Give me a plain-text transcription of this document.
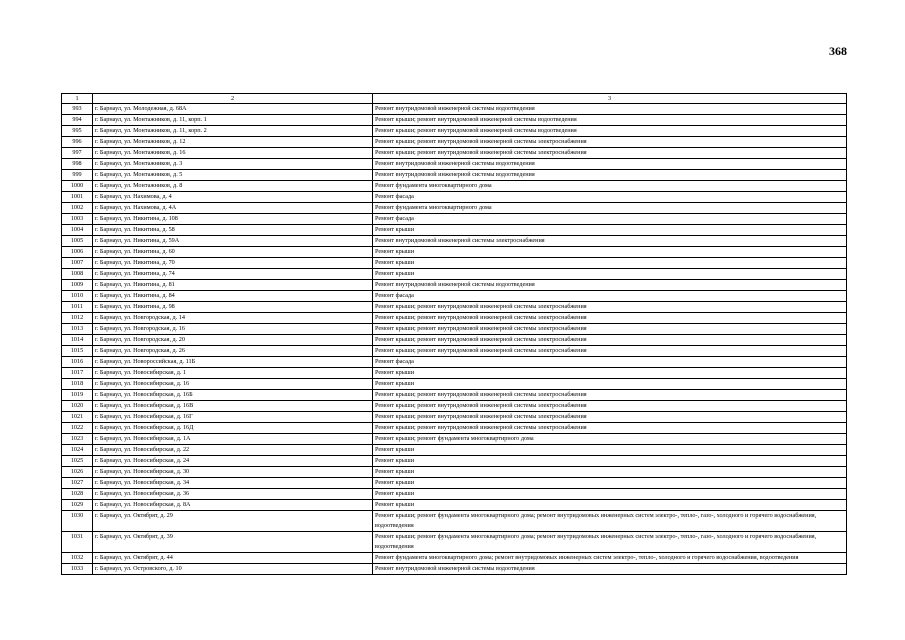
368
1	2	3
993	г. Барнаул, ул. Молодежная, д. 68А	Ремонт внутридомовой инженерной системы водоотведения
994	г. Барнаул, ул. Монтажников, д. 11, корп. 1	Ремонт крыши; ремонт внутридомовой инженерной системы водоотведения
995	г. Барнаул, ул. Монтажников, д. 11, корп. 2	Ремонт крыши; ремонт внутридомовой инженерной системы водоотведения
996	г. Барнаул, ул. Монтажников, д. 12	Ремонт крыши; ремонт внутридомовой инженерной системы электроснабжения
997	г. Барнаул, ул. Монтажников, д. 16	Ремонт крыши; ремонт внутридомовой инженерной системы электроснабжения
998	г. Барнаул, ул. Монтажников, д. 3	Ремонт внутридомовой инженерной системы водоотведения
999	г. Барнаул, ул. Монтажников, д. 5	Ремонт внутридомовой инженерной системы водоотведения
1000	г. Барнаул, ул. Монтажников, д. 8	Ремонт фундамента многоквартирного дома
1001	г. Барнаул, ул. Нахимова, д. 4	Ремонт фасада
1002	г. Барнаул, ул. Нахимова, д. 4А	Ремонт фундамента многоквартирного дома
1003	г. Барнаул, ул. Никитина, д. 108	Ремонт фасада
1004	г. Барнаул, ул. Никитина, д. 58	Ремонт крыши
1005	г. Барнаул, ул. Никитина, д. 59А	Ремонт внутридомовой инженерной системы электроснабжения
1006	г. Барнаул, ул. Никитина, д. 60	Ремонт крыши
1007	г. Барнаул, ул. Никитина, д. 70	Ремонт крыши
1008	г. Барнаул, ул. Никитина, д. 74	Ремонт крыши
1009	г. Барнаул, ул. Никитина, д. 81	Ремонт внутридомовой инженерной системы водоотведения
1010	г. Барнаул, ул. Никитина, д. 84	Ремонт фасада
1011	г. Барнаул, ул. Никитина, д. 98	Ремонт крыши; ремонт внутридомовой инженерной системы электроснабжения
1012	г. Барнаул, ул. Новгородская, д. 14	Ремонт крыши; ремонт внутридомовой инженерной системы электроснабжения
1013	г. Барнаул, ул. Новгородская, д. 16	Ремонт крыши; ремонт внутридомовой инженерной системы электроснабжения
1014	г. Барнаул, ул. Новгородская, д. 20	Ремонт крыши; ремонт внутридомовой инженерной системы электроснабжения
1015	г. Барнаул, ул. Новгородская, д. 26	Ремонт крыши; ремонт внутридомовой инженерной системы электроснабжения
1016	г. Барнаул, ул. Новороссийская, д. 11Б	Ремонт фасада
1017	г. Барнаул, ул. Новосибирская, д. 1	Ремонт крыши
1018	г. Барнаул, ул. Новосибирская, д. 16	Ремонт крыши
1019	г. Барнаул, ул. Новосибирская, д. 16Б	Ремонт крыши; ремонт внутридомовой инженерной системы электроснабжения
1020	г. Барнаул, ул. Новосибирская, д. 16В	Ремонт крыши; ремонт внутридомовой инженерной системы электроснабжения
1021	г. Барнаул, ул. Новосибирская, д. 16Г	Ремонт крыши; ремонт внутридомовой инженерной системы электроснабжения
1022	г. Барнаул, ул. Новосибирская, д. 16Д	Ремонт крыши; ремонт внутридомовой инженерной системы электроснабжения
1023	г. Барнаул, ул. Новосибирская, д. 1А	Ремонт крыши; ремонт фундамента многоквартирного дома
1024	г. Барнаул, ул. Новосибирская, д. 22	Ремонт крыши
1025	г. Барнаул, ул. Новосибирская, д. 24	Ремонт крыши
1026	г. Барнаул, ул. Новосибирская, д. 30	Ремонт крыши
1027	г. Барнаул, ул. Новосибирская, д. 34	Ремонт крыши
1028	г. Барнаул, ул. Новосибирская, д. 36	Ремонт крыши
1029	г. Барнаул, ул. Новосибирская, д. 8А	Ремонт крыши
1030	г. Барнаул, ул. Октябрят, д. 29	Ремонт крыши; ремонт фундамента многоквартирного дома; ремонт внутридомовых инженерных систем электро-, тепло-, газо-, холодного и горячего водоснабжения, водоотведения
1031	г. Барнаул, ул. Октябрят, д. 39	Ремонт крыши; ремонт фундамента многоквартирного дома; ремонт внутридомовых инженерных систем электро-, тепло-, газо-, холодного и горячего водоснабжения, водоотведения
1032	г. Барнаул, ул. Октябрят, д. 44	Ремонт фундамента многоквартирного дома; ремонт внутридомовых инженерных систем электро-, тепло-, холодного и горячего водоснабжения, водоотведения
1033	г. Барнаул, ул. Островского, д. 10	Ремонт внутридомовой инженерной системы водоотведения
